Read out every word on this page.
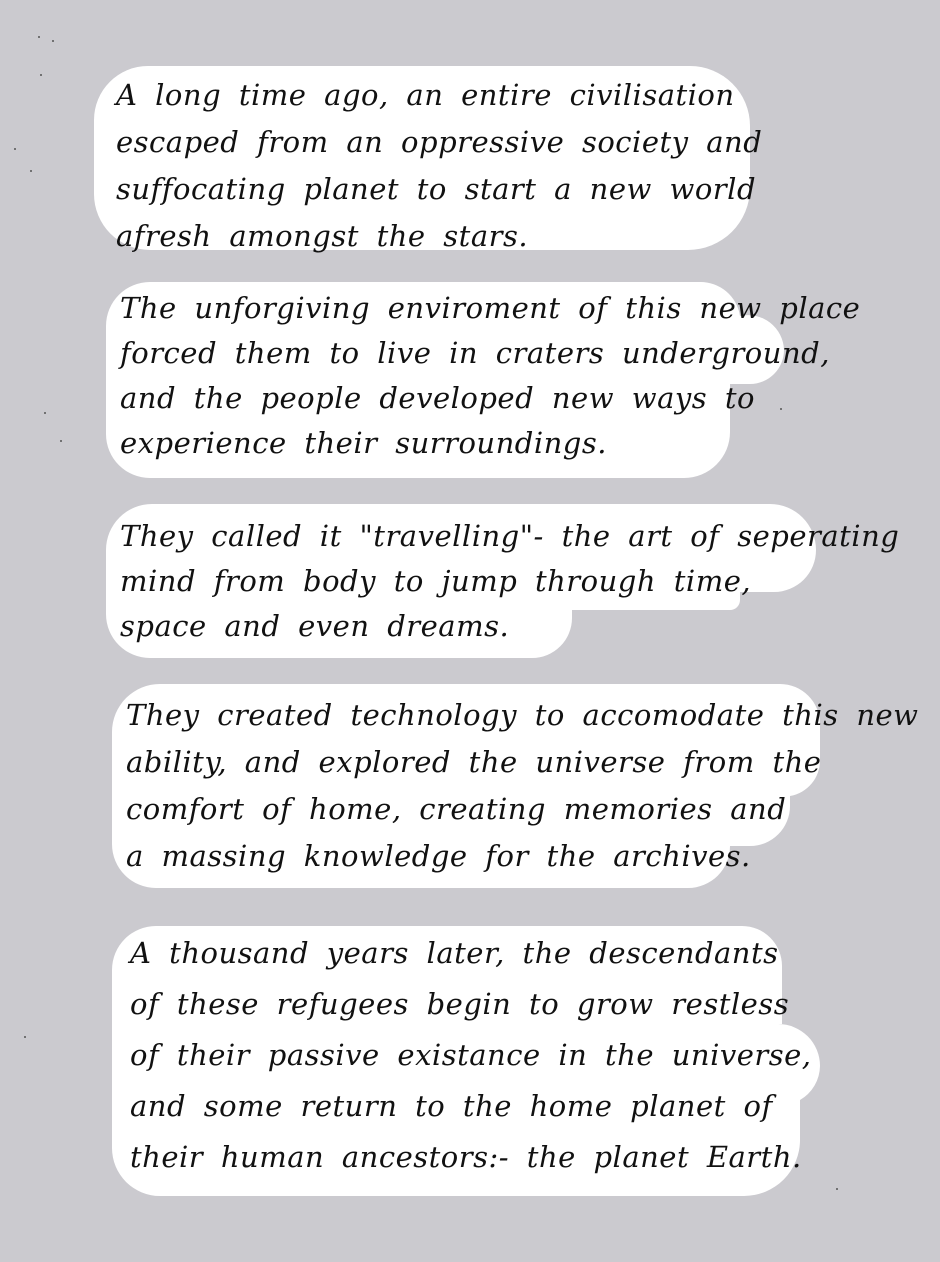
A long time ago, an entire civilisation
escaped from an oppressive society and
suffocating planet to start a new world
afresh amongst the stars.
The unforgiving enviroment of this new place
forced them to live in craters underground,
and the people developed new ways to
experience their surroundings.
They called it "travelling"- the art of seperating
mind from body to jump through time,
space and even dreams.
They created technology to accomodate this new
ability, and explored the universe from the
comfort of home, creating memories and
a massing knowledge for the archives.
A thousand years later, the descendants
of these refugees begin to grow restless
of their passive existance in the universe,
and some return to the home planet of
their human ancestors:- the planet Earth.
